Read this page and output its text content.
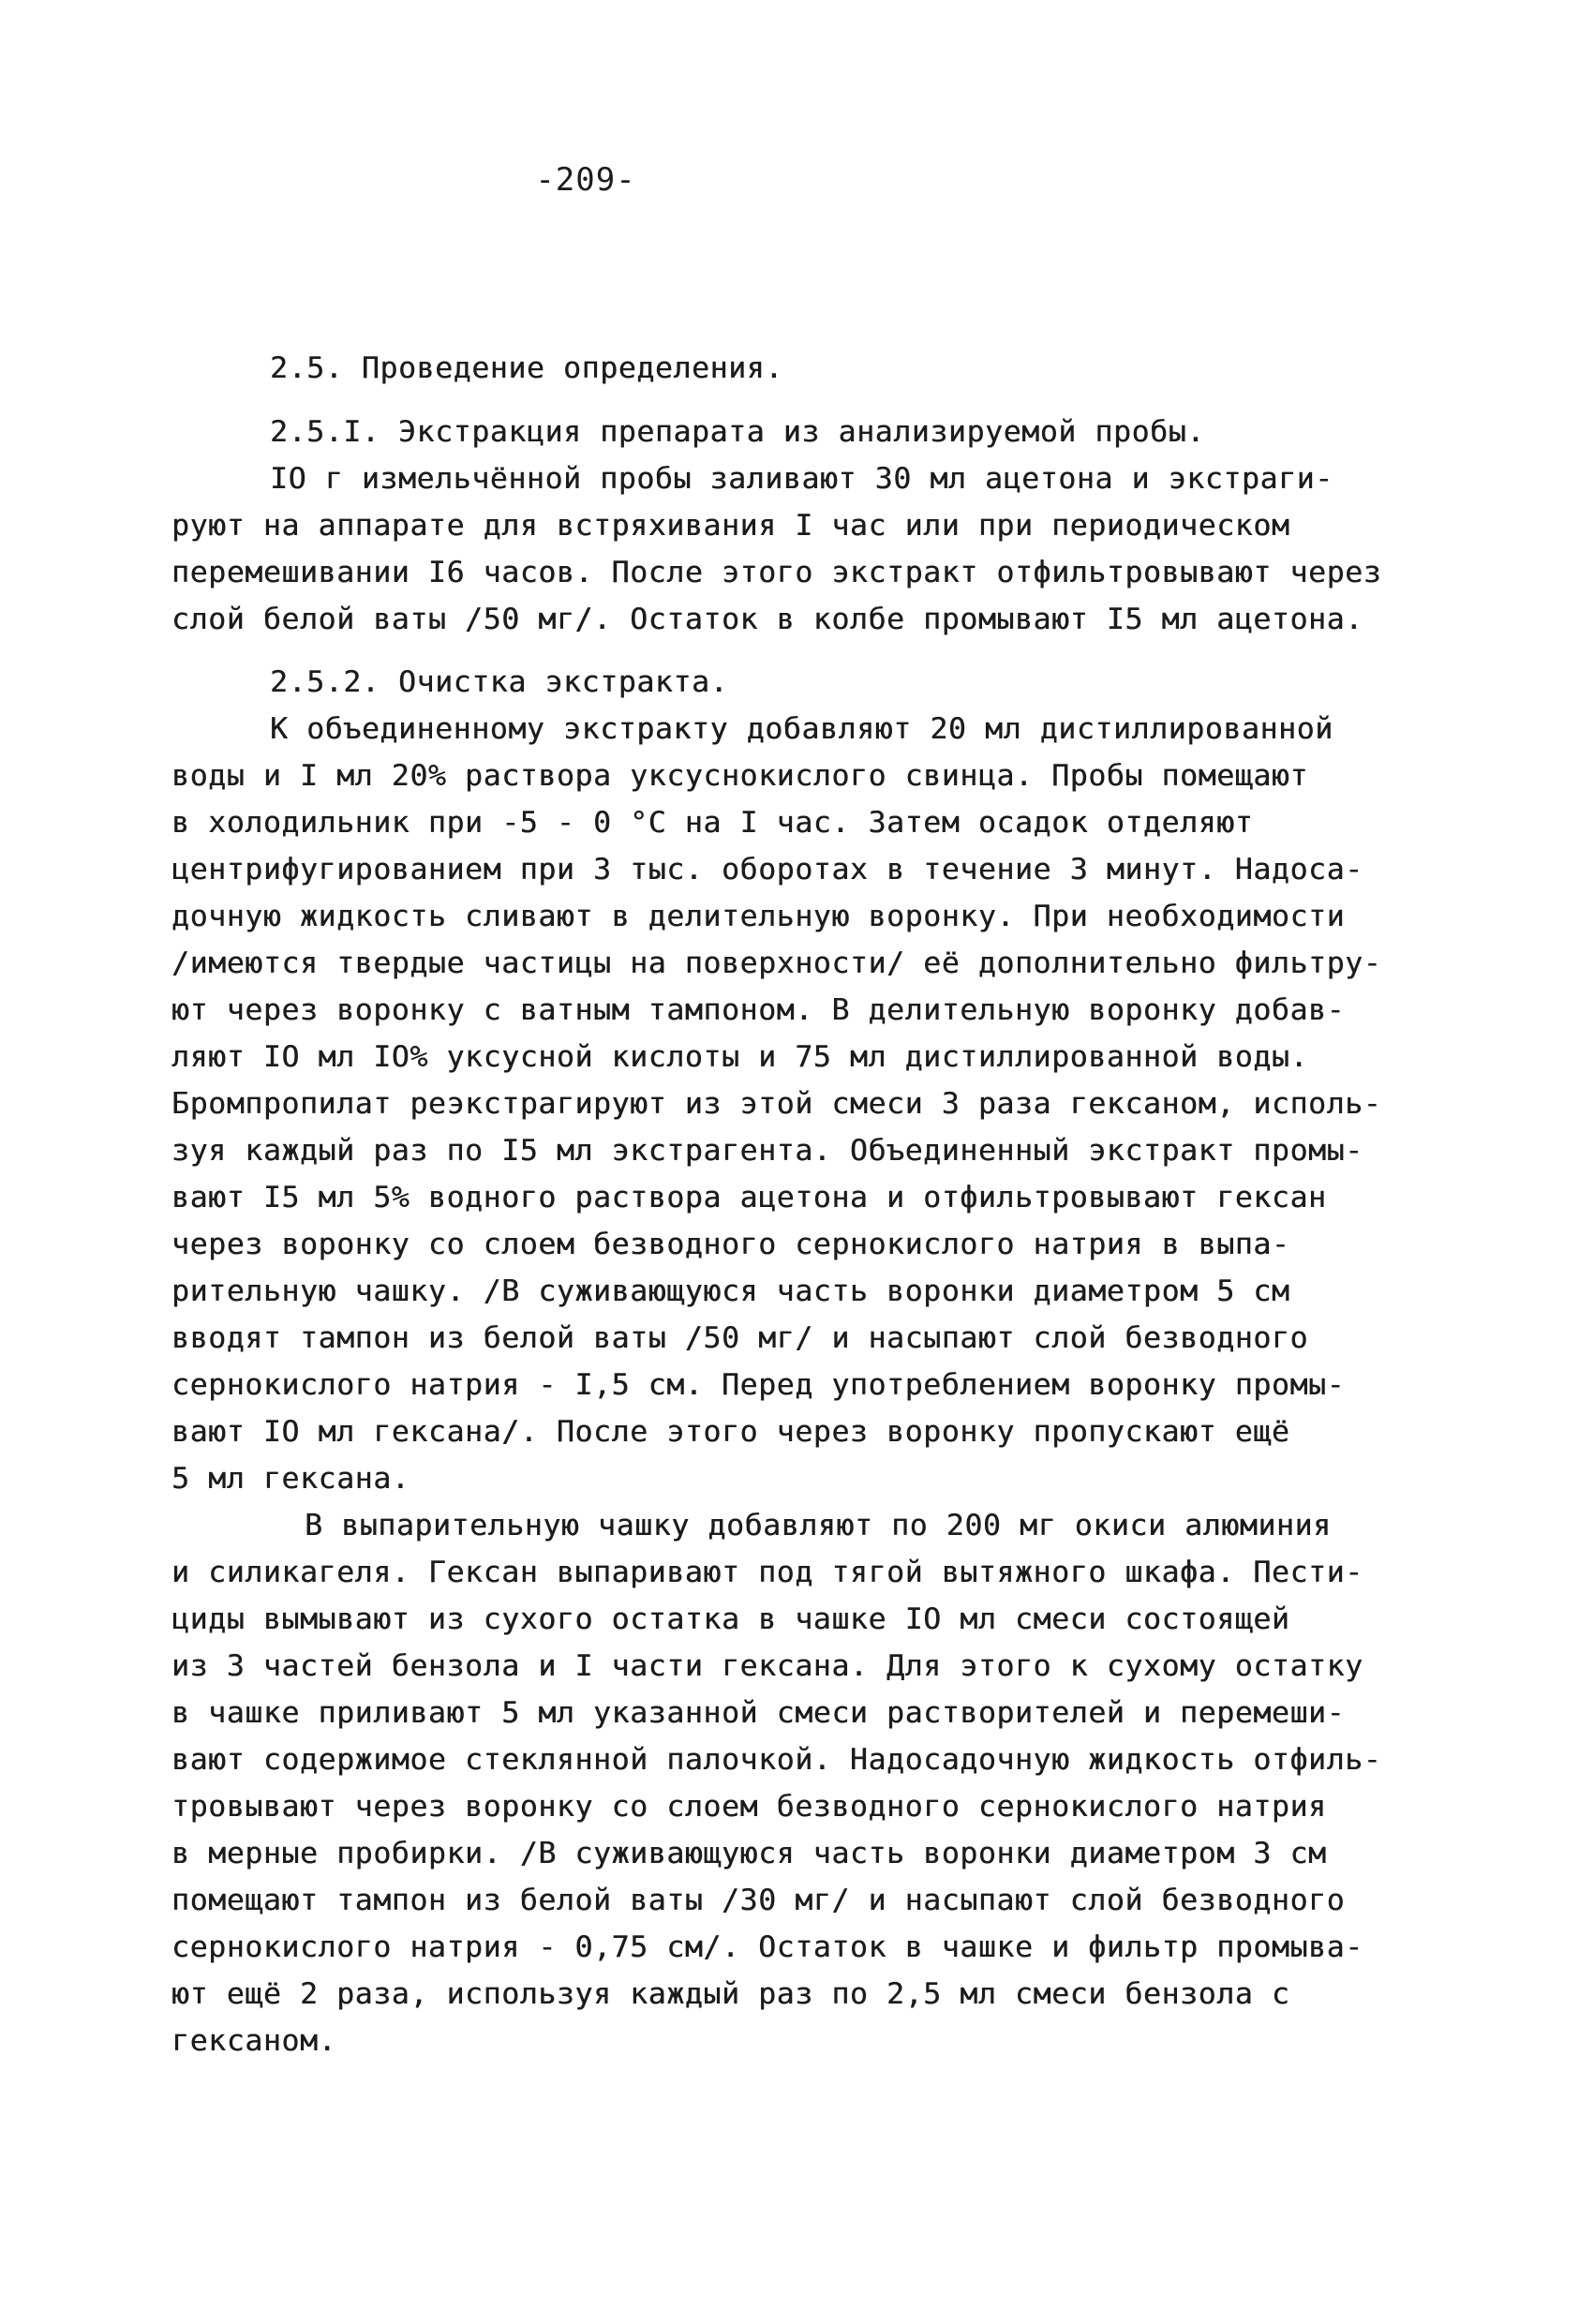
-209-
2.5. Проведение определения.
2.5.I. Экстракция препарата из анализируемой пробы.
IO г измельчённой пробы заливают 30 мл ацетона и экстраги-
руют на аппарате для встряхивания I час или при периодическом
перемешивании I6 часов. После этого экстракт отфильтровывают через
слой белой ваты /50 мг/. Остаток в колбе промывают I5 мл ацетона.
2.5.2. Очистка экстракта.
К объединенному экстракту добавляют 20 мл дистиллированной
воды и I мл 20% раствора уксуснокислого свинца. Пробы помещают
в холодильник при -5 - 0 °С на I час. Затем осадок отделяют
центрифугированием при 3 тыс. оборотах в течение 3 минут. Надоса-
дочную жидкость сливают в делительную воронку. При необходимости
/имеются твердые частицы на поверхности/ её дополнительно фильтру-
ют через воронку с ватным тампоном. В делительную воронку добав-
ляют IO мл IO% уксусной кислоты и 75 мл дистиллированной воды.
Бромпропилат реэкстрагируют из этой смеси 3 раза гексаном, исполь-
зуя каждый раз по I5 мл экстрагента. Объединенный экстракт промы-
вают I5 мл 5% водного раствора ацетона и отфильтровывают гексан
через воронку со слоем безводного сернокислого натрия в выпа-
рительную чашку. /В суживающуюся часть воронки диаметром 5 см
вводят тампон из белой ваты /50 мг/ и насыпают слой безводного
сернокислого натрия - I,5 см. Перед употреблением воронку промы-
вают IO мл гексана/. После этого через воронку пропускают ещё
5 мл гексана.
В выпарительную чашку добавляют по 200 мг окиси алюминия
и силикагеля. Гексан выпаривают под тягой вытяжного шкафа. Пести-
циды вымывают из сухого остатка в чашке IO мл смеси состоящей
из 3 частей бензола и I части гексана. Для этого к сухому остатку
в чашке приливают 5 мл указанной смеси растворителей и перемеши-
вают содержимое стеклянной палочкой. Надосадочную жидкость отфиль-
тровывают через воронку со слоем безводного сернокислого натрия
в мерные пробирки. /В суживающуюся часть воронки диаметром 3 см
помещают тампон из белой ваты /30 мг/ и насыпают слой безводного
сернокислого натрия - 0,75 см/. Остаток в чашке и фильтр промыва-
ют ещё 2 раза, используя каждый раз по 2,5 мл смеси бензола с
гексаном.
